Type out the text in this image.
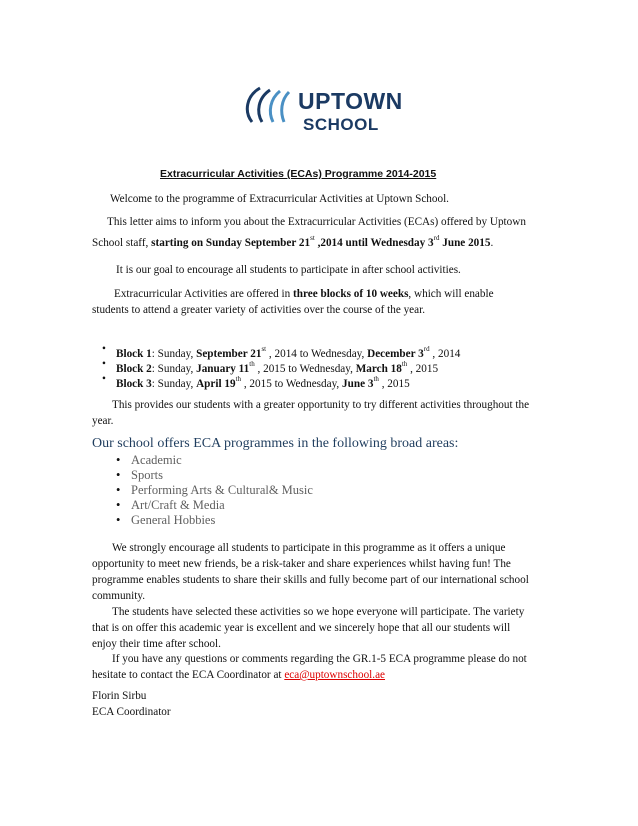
UPTOWN
SCHOOL
Extracurricular Activities (ECAs) Programme 2014-2015

Welcome to the programme of Extracurricular Activities at Uptown School.

This letter aims to inform you about the Extracurricular Activities (ECAs) offered by Uptown
School staff, starting on Sunday September 21st ,2014 until Wednesday 3rd June 2015.

It is our goal to encourage all students to participate in after school activities.

Extracurricular Activities are offered in three blocks of 10 weeks, which will enable
students to attend a greater variety of activities over the course of the year.
• Block 1: Sunday, September 21st , 2014 to Wednesday, December 3rd , 2014
• Block 2: Sunday, January 11th , 2015 to Wednesday, March 18th , 2015
• Block 3: Sunday, April 19th , 2015 to Wednesday, June 3th , 2015
This provides our students with a greater opportunity to try different activities throughout the
year.
Our school offers ECA programmes in the following broad areas:
• Academic
• Sports
• Performing Arts & Cultural& Music
• Art/Craft & Media
• General Hobbies
We strongly encourage all students to participate in this programme as it offers a unique
opportunity to meet new friends, be a risk-taker and share experiences whilst having fun! The
programme enables students to share their skills and fully become part of our international school
community.
The students have selected these activities so we hope everyone will participate. The variety
that is on offer this academic year is excellent and we sincerely hope that all our students will
enjoy their time after school.
If you have any questions or comments regarding the GR.1-5 ECA programme please do not
hesitate to contact the ECA Coordinator at eca@uptownschool.ae
Florin Sirbu
ECA Coordinator
